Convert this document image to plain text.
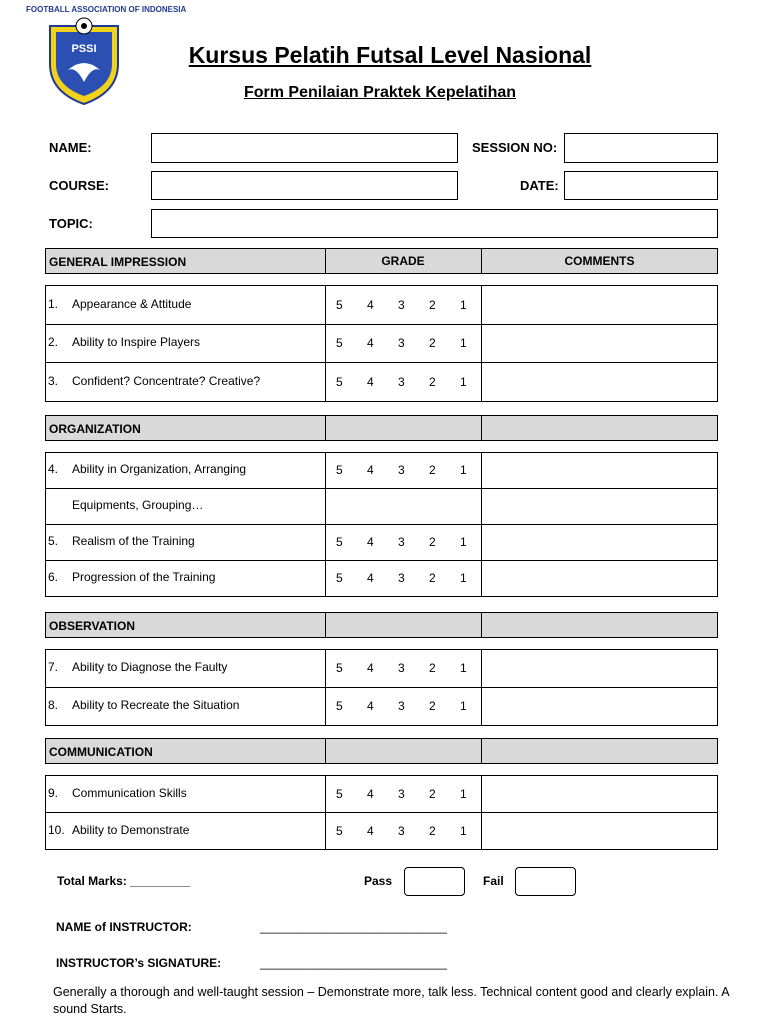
FOOTBALL ASSOCIATION OF INDONESIA
PSSI	Kursus Pelatih Futsal Level Nasional
Form Penilaian Praktek Kepelatihan
NAME:	SESSION NO:
COURSE:	DATE:
TOPIC:
GENERAL IMPRESSION	GRADE	COMMENTS
1. Appearance & Attitude	5 4 3 2 1
2. Ability to Inspire Players	5 4 3 2 1
3. Confident? Concentrate? Creative?	5 4 3 2 1
ORGANIZATION
4. Ability in Organization, Arranging	5 4 3 2 1
Equipments, Grouping…
5. Realism of the Training	5 4 3 2 1
6. Progression of the Training	5 4 3 2 1
OBSERVATION
7. Ability to Diagnose the Faulty	5 4 3 2 1
8. Ability to Recreate the Situation	5 4 3 2 1
COMMUNICATION
9. Communication Skills	5 4 3 2 1
10. Ability to Demonstrate	5 4 3 2 1
Total Marks: _________	Pass	Fail
NAME of INSTRUCTOR:	____________________________
INSTRUCTOR’s SIGNATURE:	____________________________
Generally a thorough and well-taught session – Demonstrate more, talk less. Technical content good and clearly explain. A sound Starts.
